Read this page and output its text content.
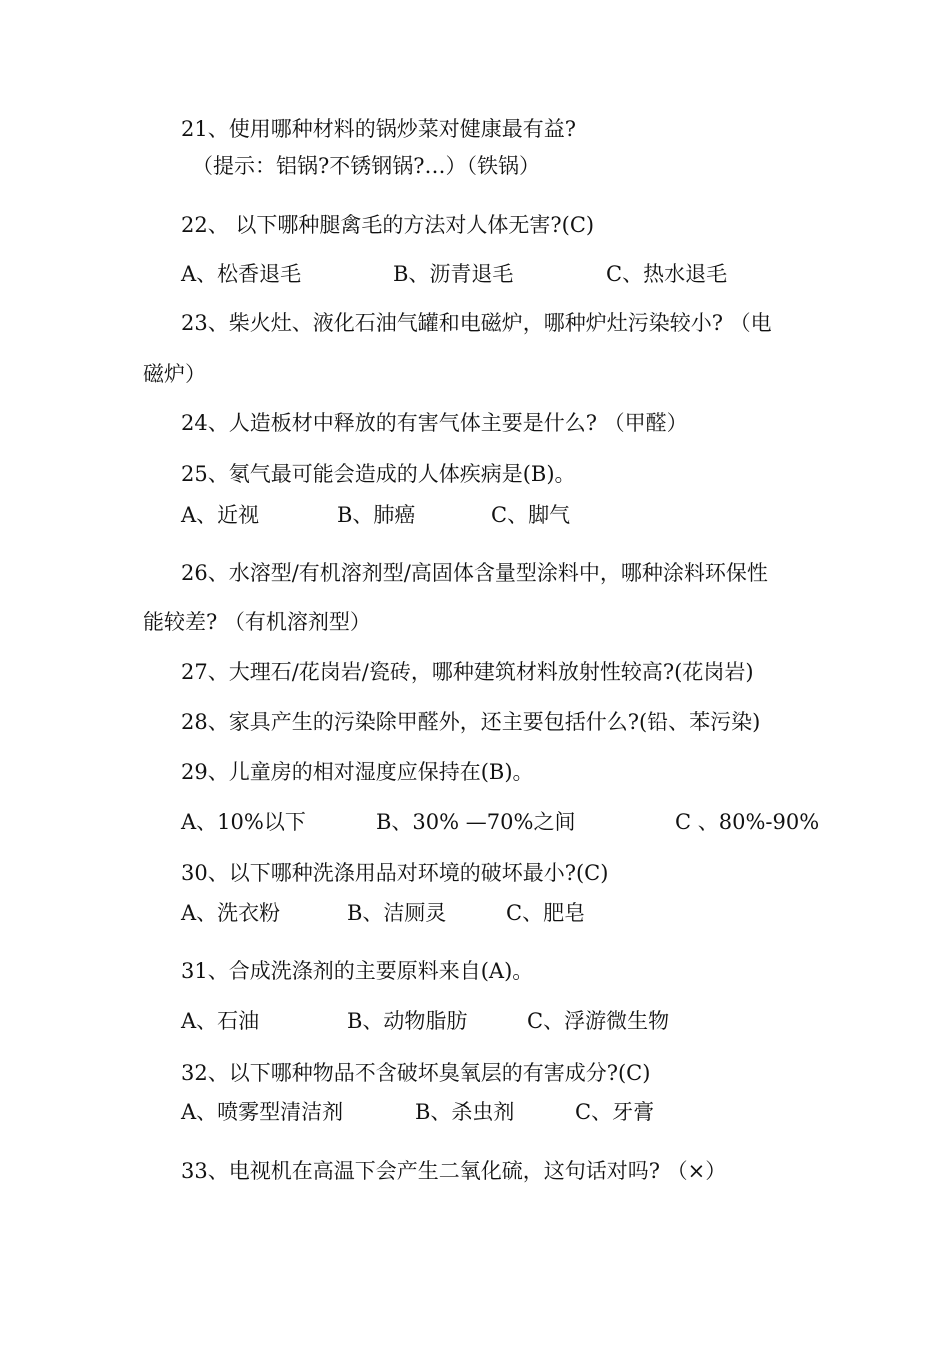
21、使用哪种材料的锅炒菜对健康最有益?
（提示：铝锅?不锈钢锅?…）（铁锅）
22、 以下哪种腿禽毛的方法对人体无害?(C)
A、松香退毛	B、沥青退毛	C、热水退毛
23、柴火灶、液化石油气罐和电磁炉，哪种炉灶污染较小? （电
磁炉）
24、人造板材中释放的有害气体主要是什么? （甲醛）
25、氡气最可能会造成的人体疾病是(B)。
A、近视	B、肺癌	C、脚气
26、水溶型/有机溶剂型/高固体含量型涂料中，哪种涂料环保性
能较差? （有机溶剂型）
27、大理石/花岗岩/瓷砖，哪种建筑材料放射性较高?(花岗岩)
28、家具产生的污染除甲醛外，还主要包括什么?(铅、苯污染)
29、儿童房的相对湿度应保持在(B)。
A、10%以下	B、30% —70%之间	C 、80%-90%
30、以下哪种洗涤用品对环境的破坏最小?(C)
A、洗衣粉	B、洁厕灵	C、肥皂
31、合成洗涤剂的主要原料来自(A)。
A、石油	B、动物脂肪	C、浮游微生物
32、以下哪种物品不含破坏臭氧层的有害成分?(C)
A、喷雾型清洁剂	B、杀虫剂	C、牙膏
33、电视机在高温下会产生二氧化硫，这句话对吗? （×）
